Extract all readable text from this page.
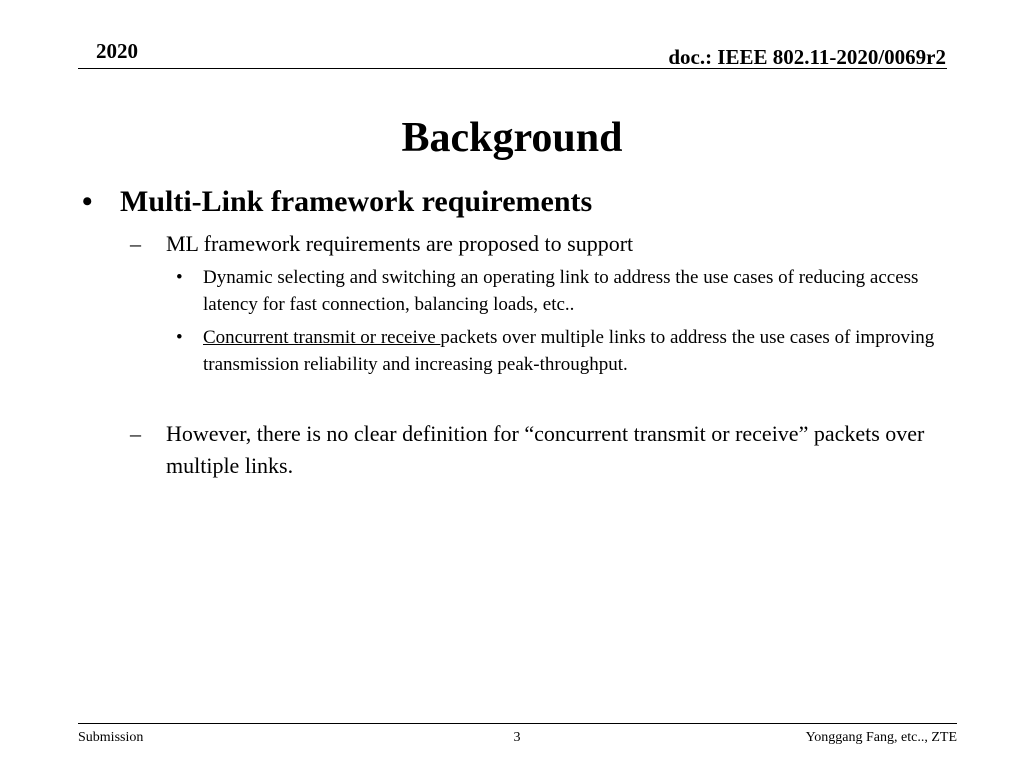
2020	doc.: IEEE 802.11-2020/0069r2
Background
• Multi-Link framework requirements
– ML framework requirements are proposed to support
• Dynamic selecting and switching an operating link to address the use cases of reducing access latency for fast connection, balancing loads, etc..
• Concurrent transmit or receive packets over multiple links to address the use cases of improving transmission reliability and increasing peak-throughput.
– However, there is no clear definition for “concurrent transmit or receive” packets over multiple links.
Submission	3	Yonggang Fang, etc.., ZTE
